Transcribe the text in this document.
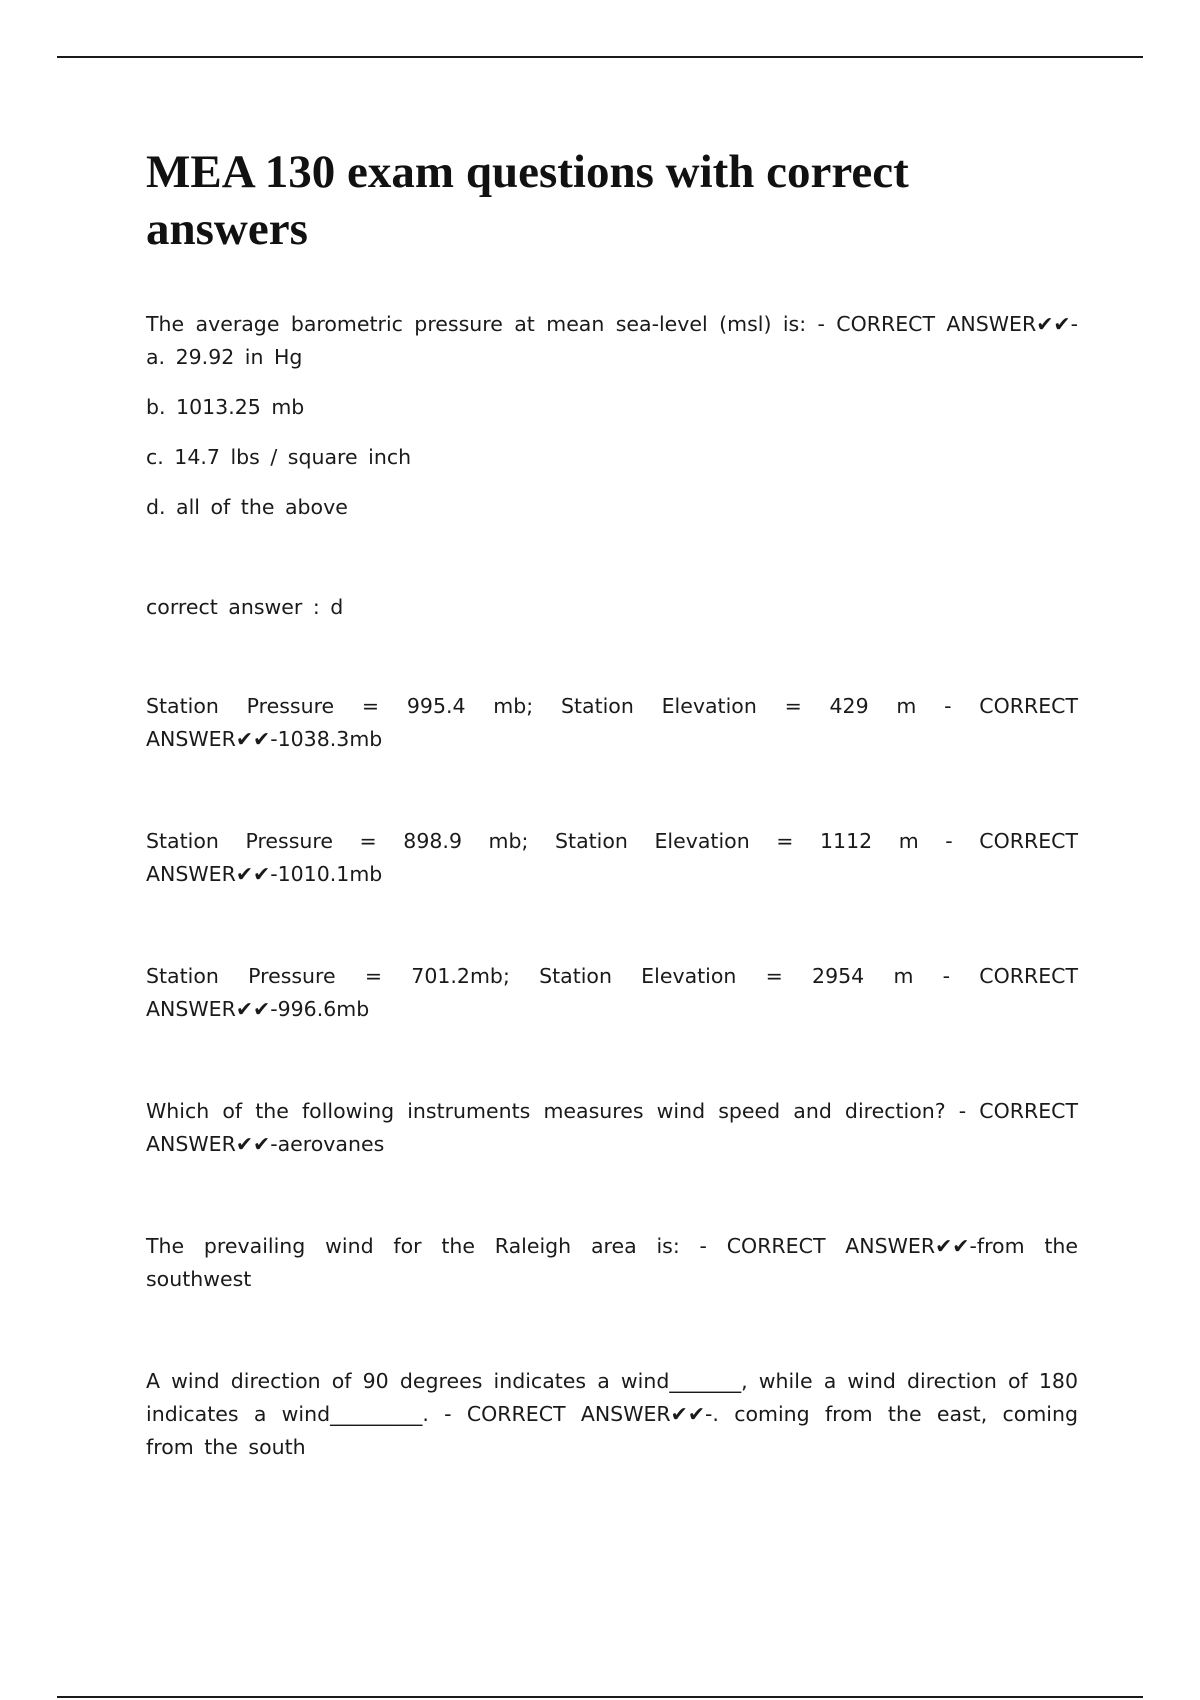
MEA 130 exam questions with correct answers

The average barometric pressure at mean sea-level (msl) is: - CORRECT ANSWER✔✔-a. 29.92 in Hg

b. 1013.25 mb

c. 14.7 lbs / square inch

d. all of the above

correct answer : d

Station Pressure = 995.4 mb; Station Elevation = 429 m - CORRECT ANSWER✔✔-1038.3mb

Station Pressure = 898.9 mb; Station Elevation = 1112 m - CORRECT ANSWER✔✔-1010.1mb

Station Pressure = 701.2mb; Station Elevation = 2954 m - CORRECT ANSWER✔✔-996.6mb

Which of the following instruments measures wind speed and direction? - CORRECT ANSWER✔✔-aerovanes

The prevailing wind for the Raleigh area is: - CORRECT ANSWER✔✔-from the southwest

A wind direction of 90 degrees indicates a wind_______, while a wind direction of 180 indicates a wind_________. - CORRECT ANSWER✔✔-. coming from the east, coming from the south
